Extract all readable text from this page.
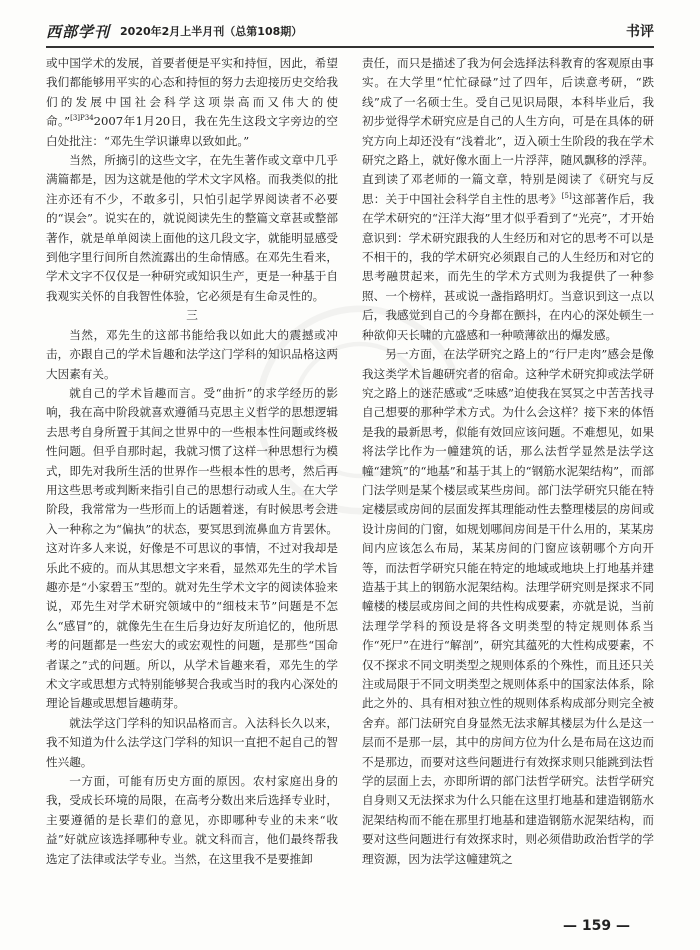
西部学刊 2020年2月上半月刊（总第108期）	书评

或中国学术的发展，首要者便是平实和持恒，因此，希望我们都能够用平实的心态和持恒的努力去迎接历史交给我们的发展中国社会科学这项崇高而又伟大的使命。”$^{[3]P34}$2007年1月20日，我在先生这段文字旁边的空白处批注：“邓先生学识谦卑以致如此。”

当然，所摘引的这些文字，在先生著作或文章中几乎满篇都是，因为这就是他的学术文字风格。而我类似的批注亦还有不少，不敢多引，只怕引起学界阅读者不必要的“误会”。说实在的，就说阅读先生的整篇文章甚或整部著作，就是单单阅读上面他的这几段文字，就能明显感受到他字里行间所自然流露出的生命情感。在邓先生看来，学术文字不仅仅是一种研究或知识生产，更是一种基于自我观实关怀的自我智性体验，它必须是有生命灵性的。

三

当然，邓先生的这部书能给我以如此大的震撼或冲击，亦跟自己的学术旨趣和法学这门学科的知识品格这两大因素有关。

就自己的学术旨趣而言。受“曲折”的求学经历的影响，我在高中阶段就喜欢遵循马克思主义哲学的思想逻辑去思考自身所置于其间之世界中的一些根本性问题或终极性问题。但乎自那时起，我就习惯了这样一种思想行为模式，即先对我所生活的世界作一些根本性的思考，然后再用这些思考或判断来指引自己的思想行动或人生。在大学阶段，我常常为一些形而上的话题着迷，有时候思考会进入一种称之为“偏执”的状态，要冥思到流鼻血方肯罢休。这对许多人来说，好像是不可思议的事情，不过对我却是乐此不疲的。而从其思想文字来看，显然邓先生的学术旨趣亦是“小家碧玉”型的。就对先生学术文字的阅读体验来说，邓先生对学术研究领域中的“细枝末节”问题是不怎么“感冒”的，就像先生在生后身边好友所追忆的，他所思考的问题都是一些宏大的或宏观性的问题，是那些“国命者谋之”式的问题。所以，从学术旨趣来看，邓先生的学术文字或思想方式特别能够契合我或当时的我内心深处的理论旨趣或思想旨趣萌芽。

就法学这门学科的知识品格而言。入法科长久以来，我不知道为什么法学这门学科的知识一直把不起自己的智性兴趣。

一方面，可能有历史方面的原因。农村家庭出身的我，受成长环境的局限，在高考分数出来后选择专业时，主要遵循的是长辈们的意见，亦即哪种专业的未来“收益”好就应该选择哪种专业。就文科而言，他们最终帮我选定了法律或法学专业。当然，在这里我不是要推卸

责任，而只是描述了我为何会选择法科教育的客观原由事实。在大学里“忙忙碌碌”过了四年，后读意考研，“跌线”成了一名硕士生。受自己见识局限，本科毕业后，我初步觉得学术研究应是自己的人生方向，可是在具体的研究方向上却还没有“浅着北”，迈入硕士生阶段的我在学术研究之路上，就好像水面上一片浮萍，随风飘移的浮萍。直到读了邓老师的一篇文章，特别是阅读了《研究与反思：关于中国社会科学自主性的思考》[5]这部著作后，我在学术研究的“汪洋大海”里才似乎看到了“光亮”，才开始意识到：学术研究跟我的人生经历和对它的思考不可以是不相干的，我的学术研究必须跟自己的人生经历和对它的思考融贯起来，而先生的学术方式则为我提供了一种参照、一个榜样，甚或说一盏指路明灯。当意识到这一点以后，我感觉到自己的今身都在颤抖，在内心的深处顿生一种欲仰天长啸的亢盛感和一种喷薄欲出的爆发感。

另一方面，在法学研究之路上的“行尸走肉”感会是像我这类学术旨趣研究者的宿命。这种学术研究抑或法学研究之路上的迷茫感或“乏味感”迫使我在冥冥之中苦苦找寻自己想要的那种学术方式。为什么会这样？接下来的体悟是我的最新思考，似能有效回应该问题。不难想见，如果将法学比作为一幢建筑的话，那么法哲学显然是法学这幢“建筑”的“地基”和基于其上的“钢筋水泥架结构”，而部门法学则是某个楼层或某些房间。部门法学研究只能在特定楼层或房间的层面发挥其理能动性去整理楼层的房间或设计房间的门窗，如规划哪间房间是干什么用的，某某房间内应该怎么布局，某某房间的门窗应该朝哪个方向开等，而法哲学研究只能在特定的地域或地块上打地基并建造基于其上的钢筋水泥架结构。法理学研究则是探求不同幢楼的楼层或房间之间的共性构成要素，亦就是说，当前法理学学科的预设是将各文明类型的特定规则体系当作“死尸”在进行“解剖”，研究其蕴死的大性构成要素，不仅不探求不同文明类型之规则体系的个殊性，而且还只关注或局限于不同文明类型之规则体系中的国家法体系，除此之外的、具有相对独立性的规则体系构成部分则完全被舍弃。部门法研究自身显然无法求解其楼层为什么是这一层而不是那一层，其中的房间方位为什么是布局在这边而不是那边，而要对这些问题进行有效探求则只能跳到法哲学的层面上去，亦即所谓的部门法哲学研究。法哲学研究自身则又无法探求为什么只能在这里打地基和建造钢筋水泥架结构而不能在那里打地基和建造钢筋水泥架结构，而要对这些问题进行有效探求时，则必须借助政治哲学的学理资源，因为法学这幢建筑之

— 159 —
